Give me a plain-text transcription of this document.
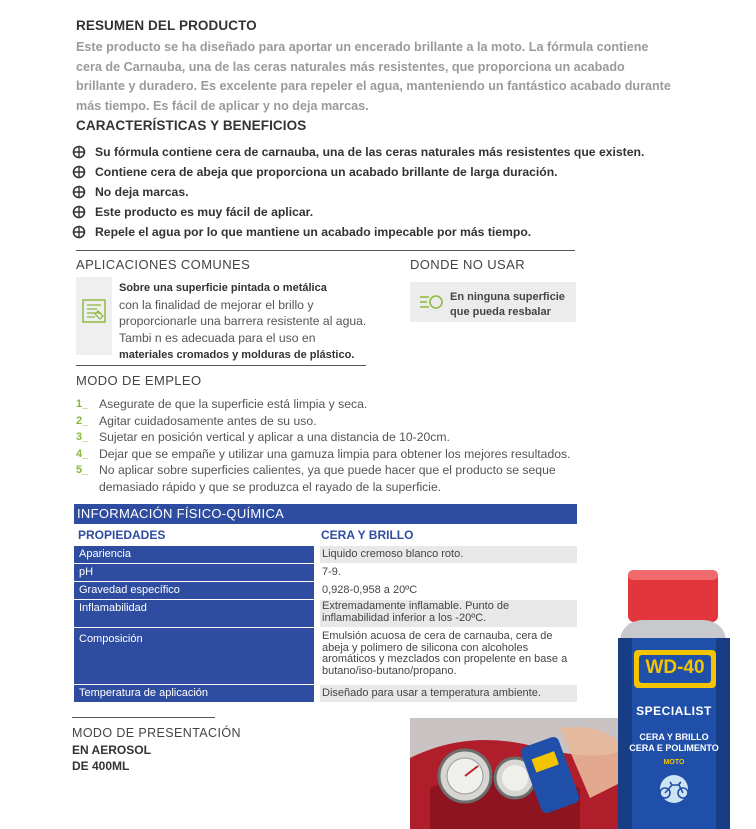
RESUMEN DEL PRODUCTO
Este producto se ha diseñado para aportar un encerado brillante a la moto. La fórmula contiene cera de Carnauba, una de las ceras naturales más resistentes, que proporciona un acabado brillante y duradero. Es excelente para repeler el agua, manteniendo un fantástico acabado durante más tiempo. Es fácil de aplicar y no deja marcas.
CARACTERÍSTICAS Y BENEFICIOS
Su fórmula contiene cera de carnauba, una de las ceras naturales más resistentes que existen.
Contiene cera de abeja que proporciona un acabado brillante de larga duración.
No deja marcas.
Este producto es muy fácil de aplicar.
Repele el agua por lo que mantiene un acabado impecable por más tiempo.
APLICACIONES COMUNES	DONDE NO USAR
Sobre una superficie pintada o metálica
con la finalidad de mejorar el brillo y
proporcionarle una barrera resistente al agua.
Tambi n es adecuada para el uso en
materiales cromados y molduras de plástico.
En ninguna superficie
que pueda resbalar
MODO DE EMPLEO
1_ Asegurate de que la superficie está limpia y seca.
2_ Agitar cuidadosamente antes de su uso.
3_ Sujetar en posición vertical y aplicar a una distancia de 10-20cm.
4_ Dejar que se empañe y utilizar una gamuza limpia para obtener los mejores resultados.
5_ No aplicar sobre superficies calientes, ya que puede hacer que el producto se seque demasiado rápido y que se produzca el rayado de la superficie.
INFORMACIÓN FÍSICO-QUÍMICA
PROPIEDADES	CERA Y BRILLO
Apariencia	Liquido cremoso blanco roto.
pH	7-9.
Gravedad específico	0,928-0,958 a 20ºC
Inflamabilidad	Extremadamente inflamable. Punto de inflamabilidad inferior a los -20ºC.
Composición	Emulsión acuosa de cera de carnauba, cera de abeja y polimero de silicona con alcoholes aromáticos y mezclados con propelente en base a butano/iso-butano/propano.
Temperatura de aplicación	Diseñado para usar a temperatura ambiente.
MODO DE PRESENTACIÓN
EN AEROSOL
DE 400ML
WD-40
SPECIALIST
CERA Y BRILLO
CERA E POLIMENTO
MOTO
